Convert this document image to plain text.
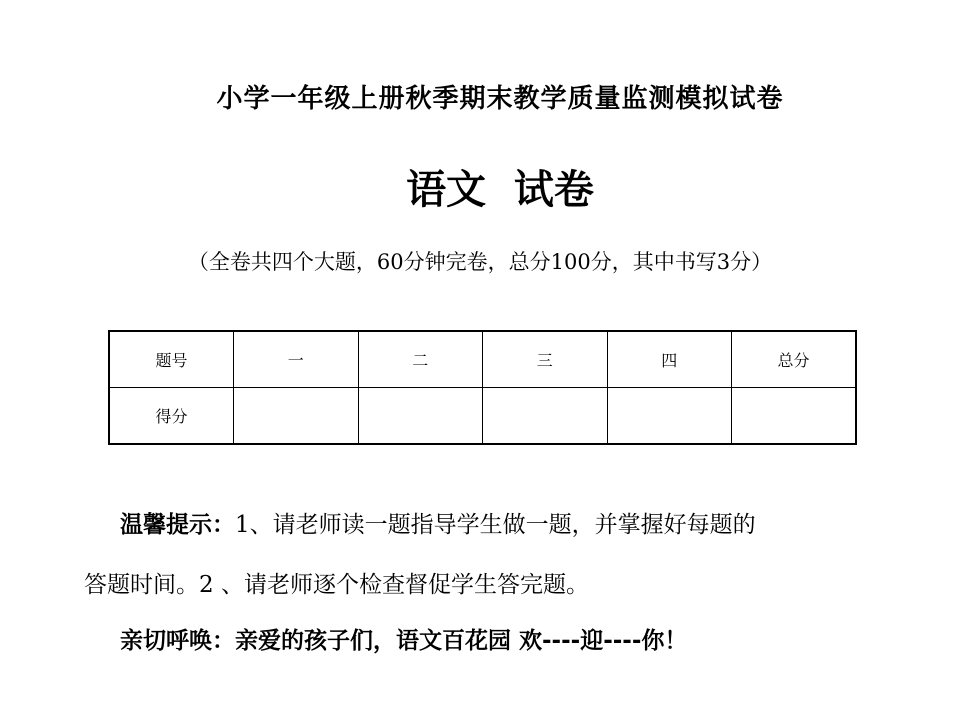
小学一年级上册秋季期末教学质量监测模拟试卷
语文  试卷
（全卷共四个大题，60分钟完卷，总分100分，其中书写3分）
题号	一	二	三	四	总分
得分					
温馨提示：1、请老师读一题指导学生做一题，并掌握好每题的
答题时间。2 、请老师逐个检查督促学生答完题。
亲切呼唤：亲爱的孩子们，语文百花园 欢----迎----你！
